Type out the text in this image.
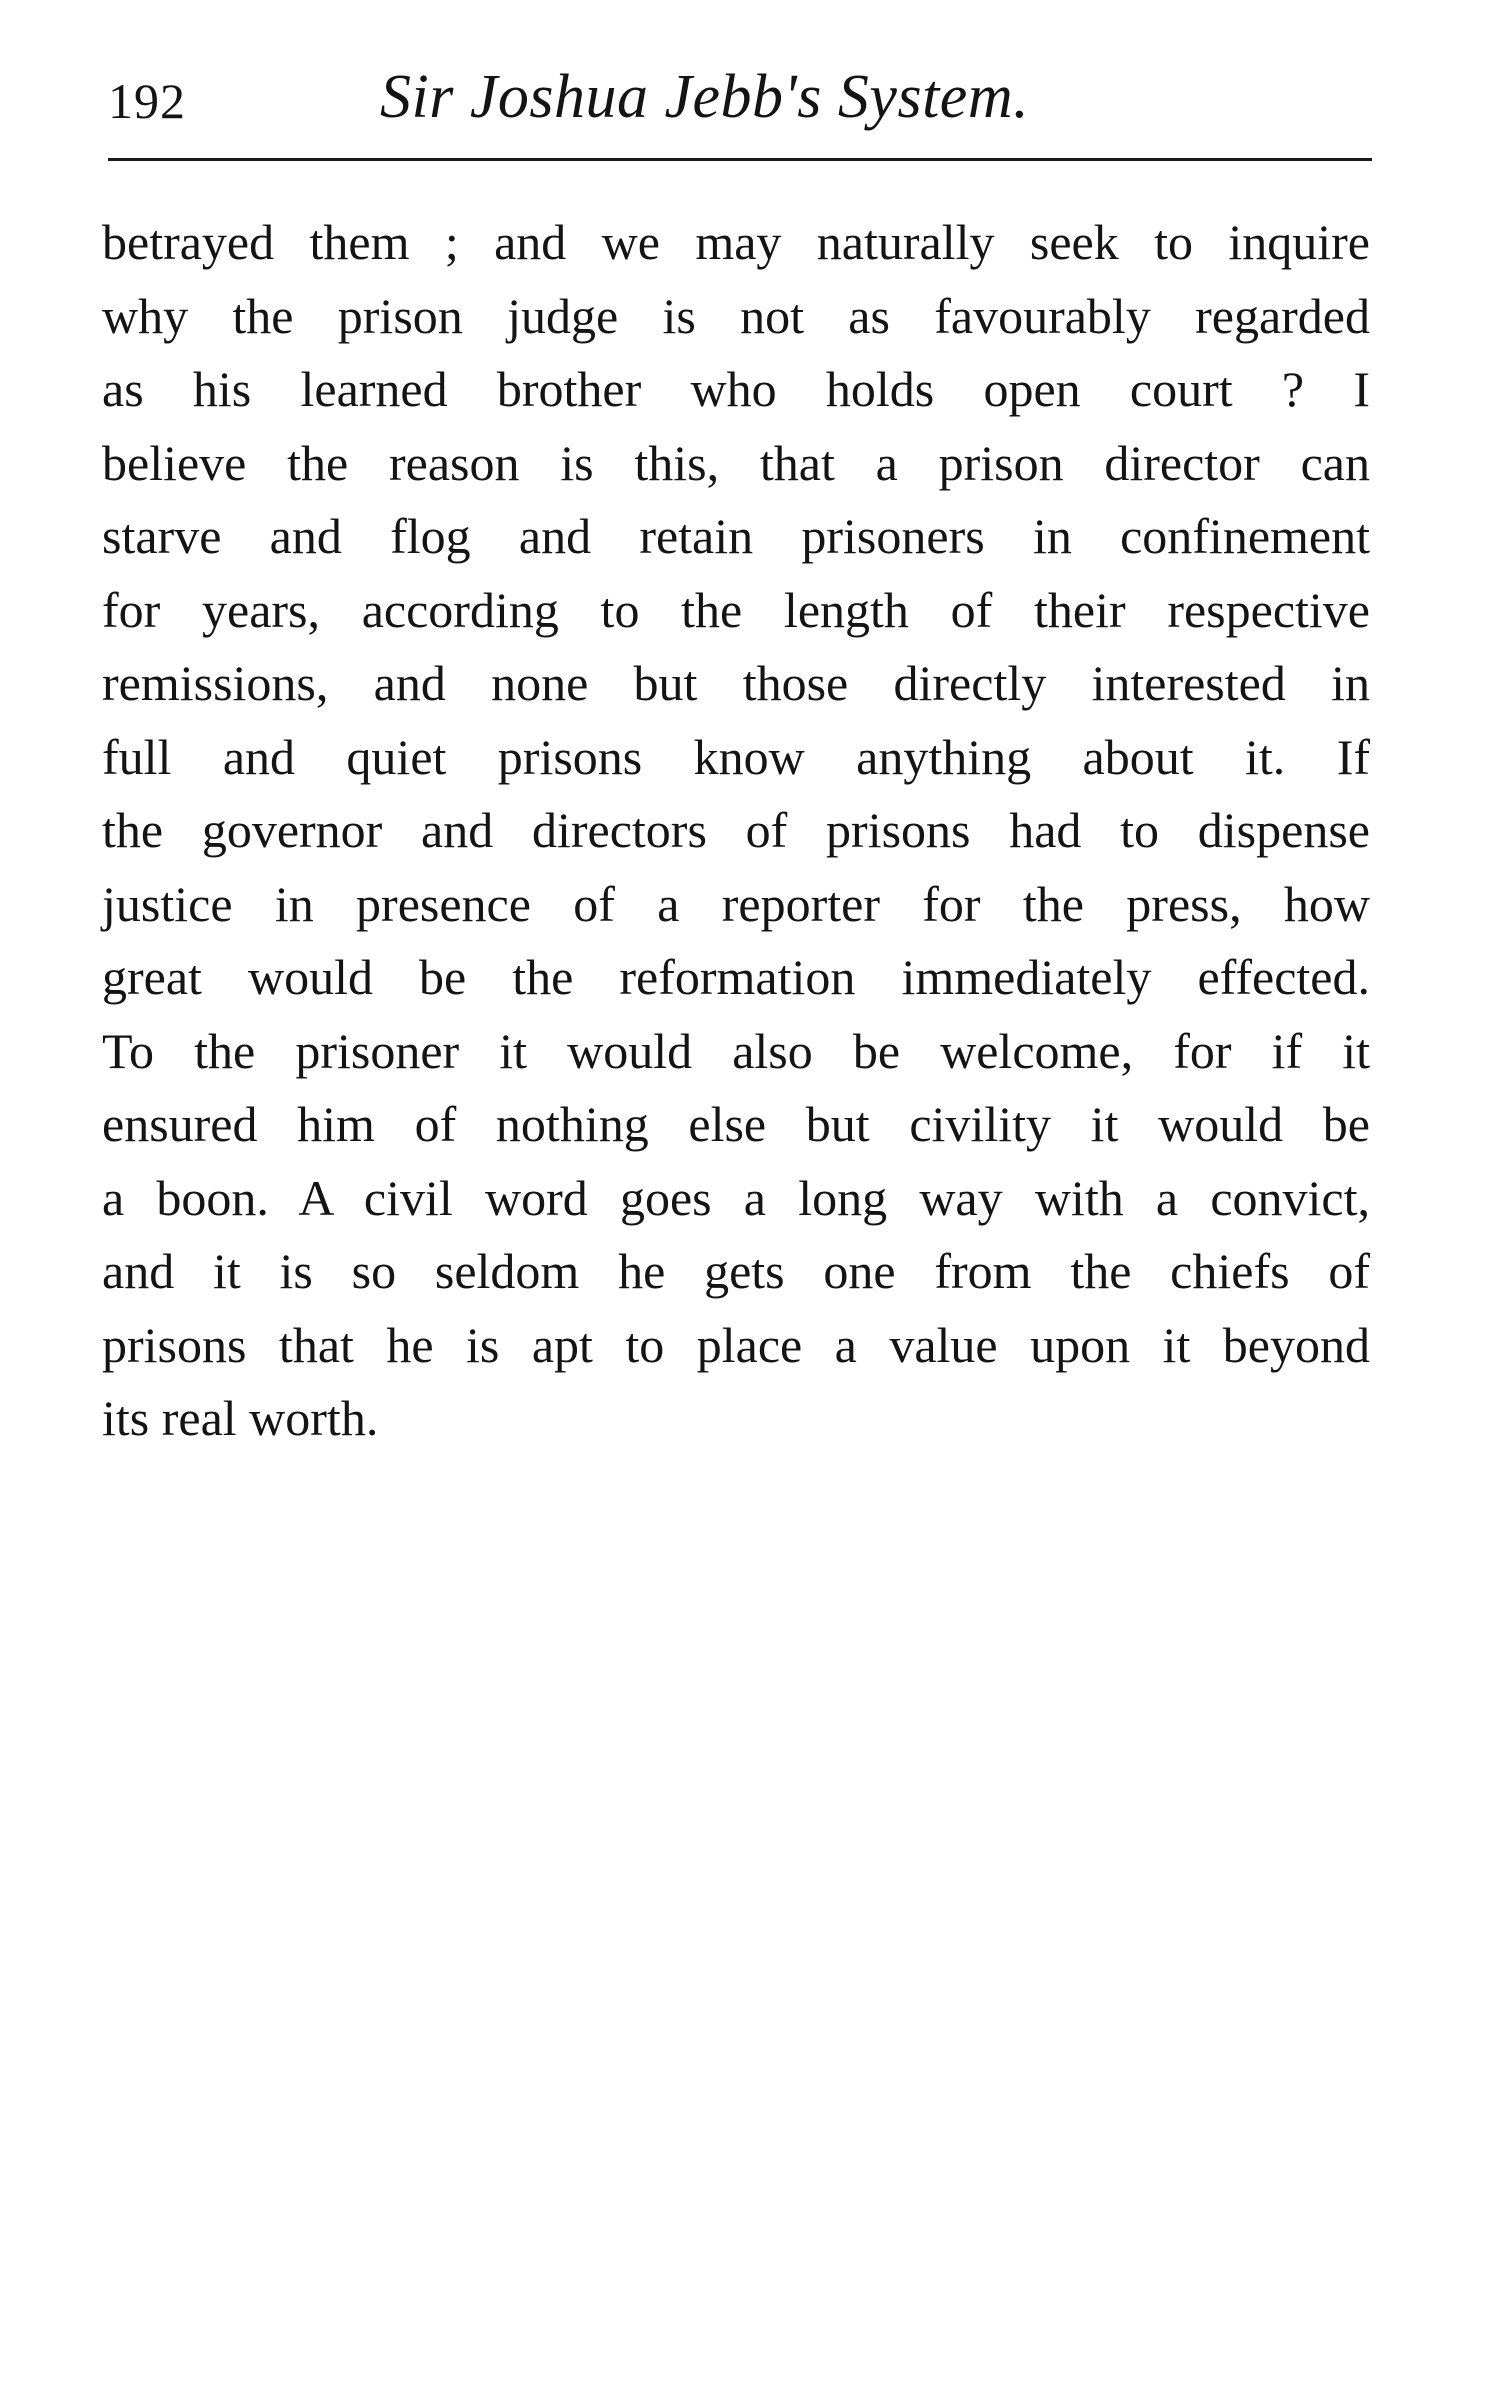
192	Sir Joshua Jebb's System.
betrayed them ; and we may naturally seek to inquire
why the prison judge is not as favourably regarded
as his learned brother who holds open court ? I
believe the reason is this, that a prison director can
starve and flog and retain prisoners in confinement
for years, according to the length of their respective
remissions, and none but those directly interested in
full and quiet prisons know anything about it. If
the governor and directors of prisons had to dispense
justice in presence of a reporter for the press, how
great would be the reformation immediately effected.
To the prisoner it would also be welcome, for if it
ensured him of nothing else but civility it would be
a boon. A civil word goes a long way with a convict,
and it is so seldom he gets one from the chiefs of
prisons that he is apt to place a value upon it beyond
its real worth.
